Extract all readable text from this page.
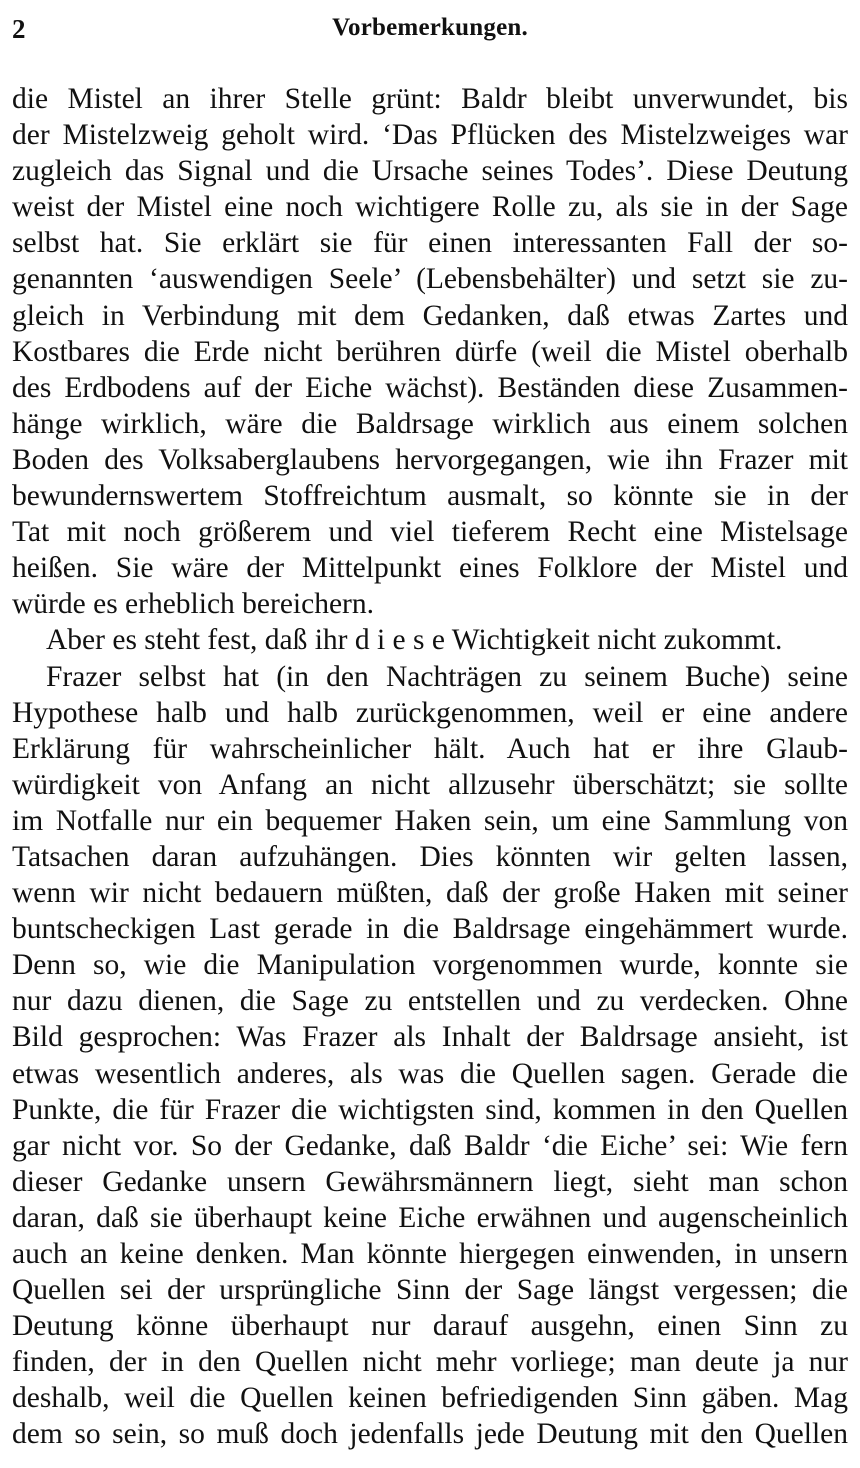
2	Vorbemerkungen.
die Mistel an ihrer Stelle grünt: Baldr bleibt unverwundet, bis
der Mistelzweig geholt wird. ‘Das Pflücken des Mistelzweiges war
zugleich das Signal und die Ursache seines Todes’. Diese Deutung
weist der Mistel eine noch wichtigere Rolle zu, als sie in der Sage
selbst hat. Sie erklärt sie für einen interessanten Fall der so-
genannten ‘auswendigen Seele’ (Lebensbehälter) und setzt sie zu-
gleich in Verbindung mit dem Gedanken, daß etwas Zartes und
Kostbares die Erde nicht berühren dürfe (weil die Mistel oberhalb
des Erdbodens auf der Eiche wächst). Beständen diese Zusammen-
hänge wirklich, wäre die Baldrsage wirklich aus einem solchen
Boden des Volksaberglaubens hervorgegangen, wie ihn Frazer mit
bewundernswertem Stoffreichtum ausmalt, so könnte sie in der
Tat mit noch größerem und viel tieferem Recht eine Mistelsage
heißen. Sie wäre der Mittelpunkt eines Folklore der Mistel und
würde es erheblich bereichern.
Aber es steht fest, daß ihr d i e s e Wichtigkeit nicht zukommt.
Frazer selbst hat (in den Nachträgen zu seinem Buche) seine
Hypothese halb und halb zurückgenommen, weil er eine andere
Erklärung für wahrscheinlicher hält. Auch hat er ihre Glaub-
würdigkeit von Anfang an nicht allzusehr überschätzt; sie sollte
im Notfalle nur ein bequemer Haken sein, um eine Sammlung von
Tatsachen daran aufzuhängen. Dies könnten wir gelten lassen,
wenn wir nicht bedauern müßten, daß der große Haken mit seiner
buntscheckigen Last gerade in die Baldrsage eingehämmert wurde.
Denn so, wie die Manipulation vorgenommen wurde, konnte sie
nur dazu dienen, die Sage zu entstellen und zu verdecken. Ohne
Bild gesprochen: Was Frazer als Inhalt der Baldrsage ansieht, ist
etwas wesentlich anderes, als was die Quellen sagen. Gerade die
Punkte, die für Frazer die wichtigsten sind, kommen in den Quellen
gar nicht vor. So der Gedanke, daß Baldr ‘die Eiche’ sei: Wie fern
dieser Gedanke unsern Gewährsmännern liegt, sieht man schon
daran, daß sie überhaupt keine Eiche erwähnen und augenscheinlich
auch an keine denken. Man könnte hiergegen einwenden, in unsern
Quellen sei der ursprüngliche Sinn der Sage längst vergessen; die
Deutung könne überhaupt nur darauf ausgehn, einen Sinn zu
finden, der in den Quellen nicht mehr vorliege; man deute ja nur
deshalb, weil die Quellen keinen befriedigenden Sinn gäben. Mag
dem so sein, so muß doch jedenfalls jede Deutung mit den Quellen
